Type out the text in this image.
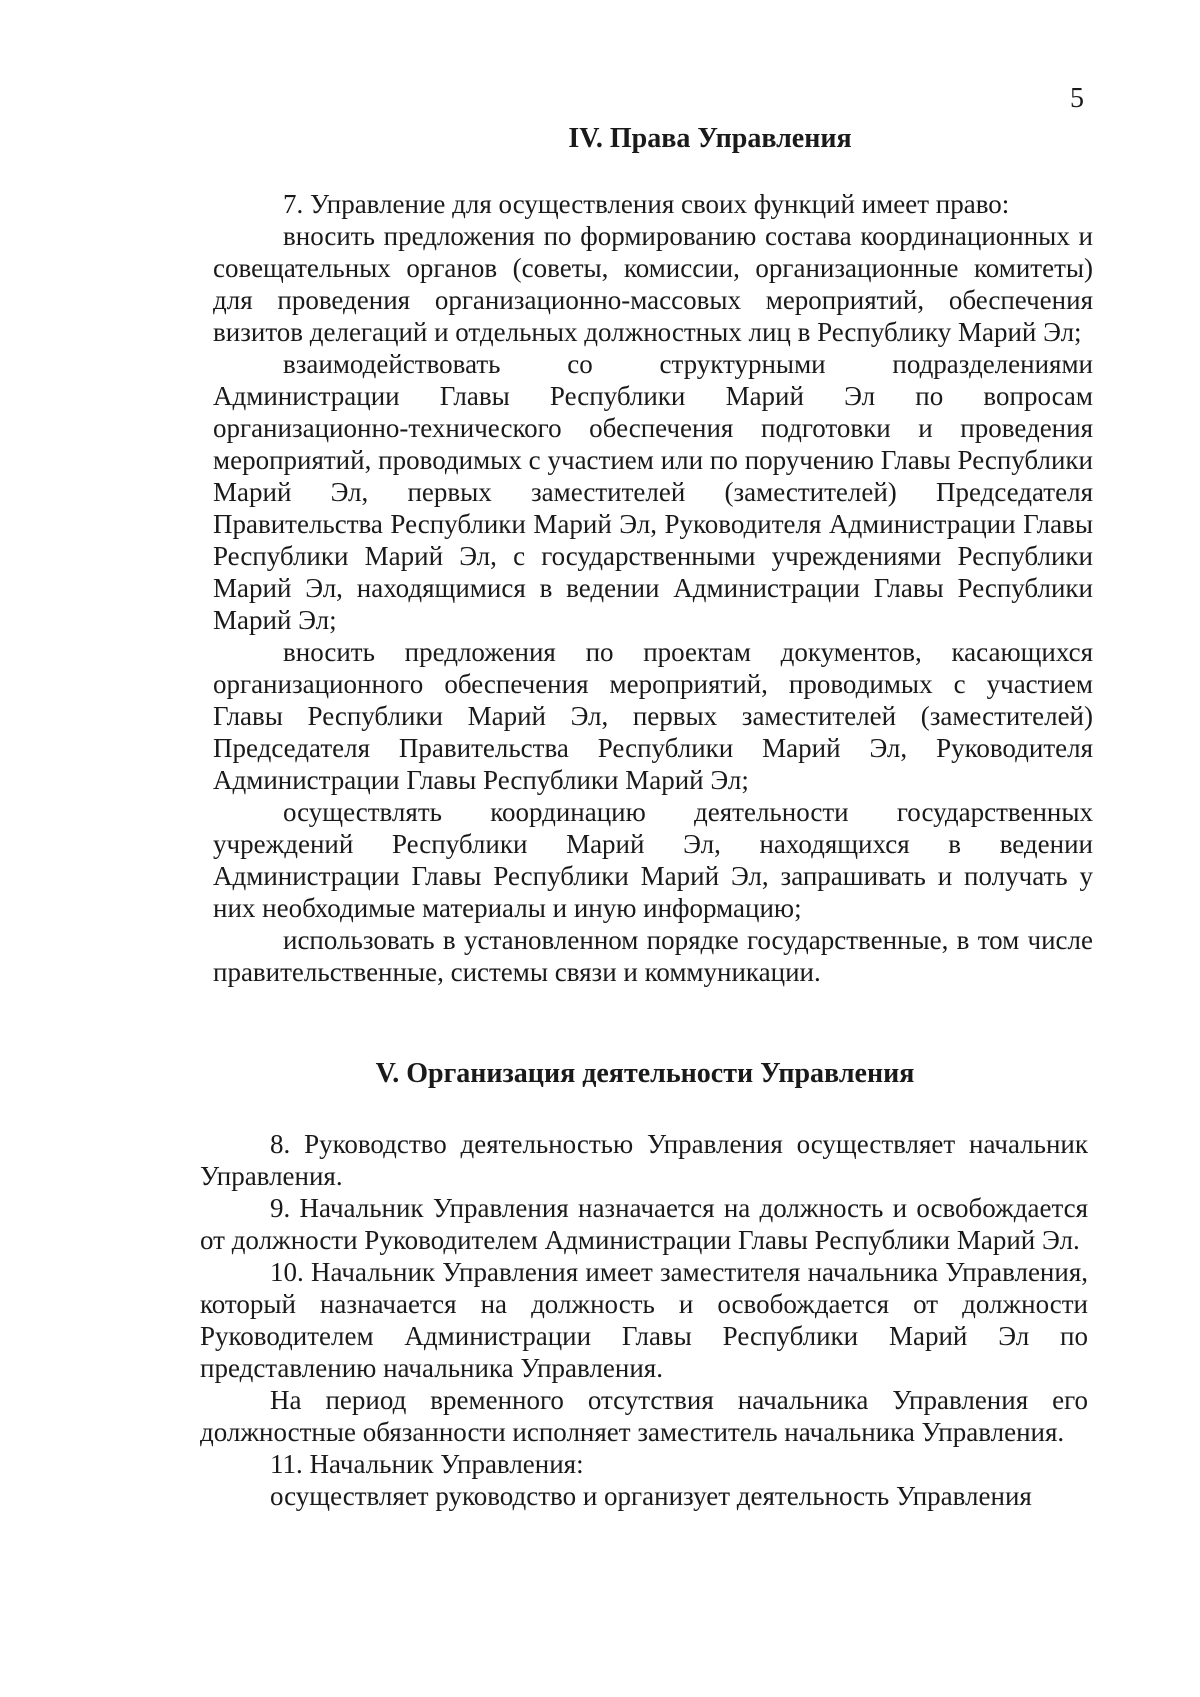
5
IV. Права Управления

7. Управление для осуществления своих функций имеет право:

вносить предложения по формированию состава координационных и совещательных органов (советы, комиссии, организационные комитеты) для проведения организационно-массовых мероприятий, обеспечения визитов делегаций и отдельных должностных лиц в Республику Марий Эл;

взаимодействовать со структурными подразделениями Администрации Главы Республики Марий Эл по вопросам организационно-технического обеспечения подготовки и проведения мероприятий, проводимых с участием или по поручению Главы Республики Марий Эл, первых заместителей (заместителей) Председателя Правительства Республики Марий Эл, Руководителя Администрации Главы Республики Марий Эл, с государственными учреждениями Республики Марий Эл, находящимися в ведении Администрации Главы Республики Марий Эл;

вносить предложения по проектам документов, касающихся организационного обеспечения мероприятий, проводимых с участием Главы Республики Марий Эл, первых заместителей (заместителей) Председателя Правительства Республики Марий Эл, Руководителя Администрации Главы Республики Марий Эл;

осуществлять координацию деятельности государственных учреждений Республики Марий Эл, находящихся в ведении Администрации Главы Республики Марий Эл, запрашивать и получать у них необходимые материалы и иную информацию;

использовать в установленном порядке государственные, в том числе правительственные, системы связи и коммуникации.

V. Организация деятельности Управления

8. Руководство деятельностью Управления осуществляет начальник Управления.

9. Начальник Управления назначается на должность и освобождается от должности Руководителем Администрации Главы Республики Марий Эл.

10. Начальник Управления имеет заместителя начальника Управления, который назначается на должность и освобождается от должности Руководителем Администрации Главы Республики Марий Эл по представлению начальника Управления.

На период временного отсутствия начальника Управления его должностные обязанности исполняет заместитель начальника Управления.

11. Начальник Управления:

осуществляет руководство и организует деятельность Управления
